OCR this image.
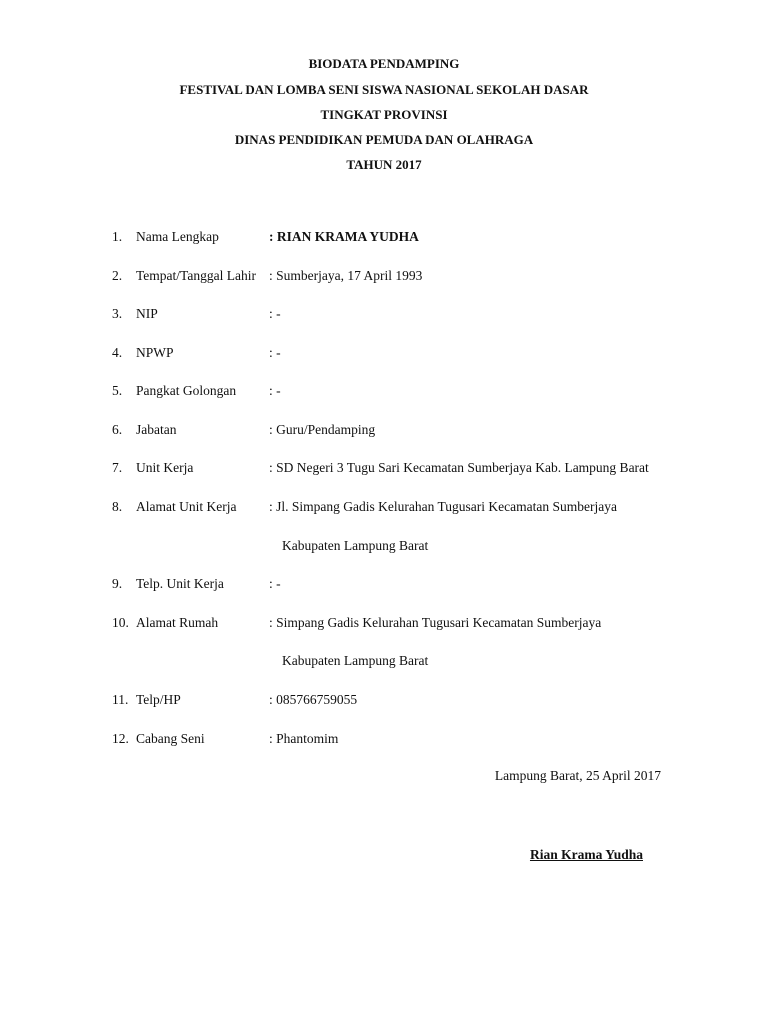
BIODATA PENDAMPING

FESTIVAL DAN LOMBA SENI SISWA NASIONAL SEKOLAH DASAR

TINGKAT PROVINSI

DINAS PENDIDIKAN PEMUDA DAN OLAHRAGA

TAHUN 2017

1. Nama Lengkap	: RIAN KRAMA YUDHA
2. Tempat/Tanggal Lahir : Sumberjaya, 17 April 1993
3. NIP	: -
4. NPWP	: -
5. Pangkat Golongan : -
6. Jabatan	: Guru/Pendamping
7. Unit Kerja	: SD Negeri 3 Tugu Sari Kecamatan Sumberjaya Kab. Lampung Barat
8. Alamat Unit Kerja : Jl. Simpang Gadis Kelurahan Tugusari Kecamatan Sumberjaya
Kabupaten Lampung Barat
9. Telp. Unit Kerja	: -
10. Alamat Rumah	: Simpang Gadis Kelurahan Tugusari Kecamatan Sumberjaya
Kabupaten Lampung Barat
11. Telp/HP	: 085766759055
12. Cabang Seni	: Phantomim
Lampung Barat, 25 April 2017
Rian Krama Yudha
